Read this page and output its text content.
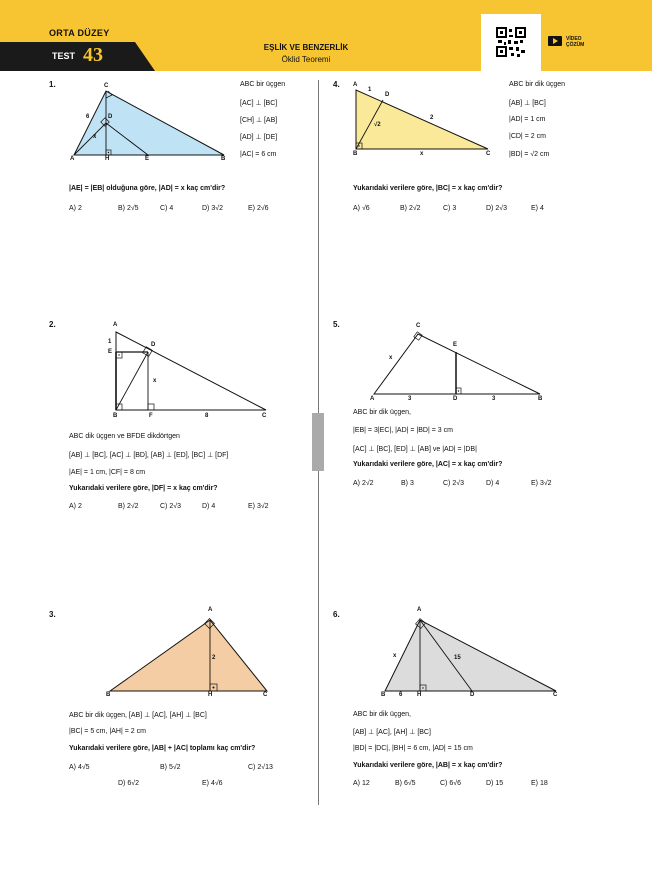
ORTA DÜZEY
TEST 43	EŞLİK VE BENZERLİK
Öklid Teoremi
VİDEO
ÇÖZÜM
1.	C
6	D
x
A	H	E	B
ABC bir üçgen
[AC] ⊥ [BC]
[CH] ⊥ [AB]
[AD] ⊥ [DE]
|AC| = 6 cm
|AE| = |EB| olduğuna göre, |AD| = x kaç cm'dir?
A) 2	B) 2√5	C) 4	D) 3√2	E) 2√6
4. A
1
D
2
√2
B	x	C
ABC bir dik üçgen
[AB] ⊥ [BC]
|AD| = 1 cm
|CD| = 2 cm
|BD| = √2 cm
Yukarıdaki verilere göre, |BC| = x kaç cm'dir?
A) √6	B) 2√2	C) 3	D) 2√3	E) 4
2.	A
1
E
D
x
B	F	8	C
ABC dik üçgen ve BFDE dikdörtgen
[AB] ⊥ [BC], [AC] ⊥ [BD], [AB] ⊥ [ED], [BC] ⊥ [DF]
|AE| = 1 cm, |CF| = 8 cm
Yukarıdaki verilere göre, |DF| = x kaç cm'dir?
A) 2	B) 2√2	C) 2√3	D) 4	E) 3√2
5.	C
E
x
A	3	D	3	B
ABC bir dik üçgen,
|EB| = 3|EC|, |AD| = |BD| = 3 cm
[AC] ⊥ [BC], [ED] ⊥ [AB] ve |AD| = |DB|
Yukarıdaki verilere göre, |AC| = x kaç cm'dir?
A) 2√2	B) 3	C) 2√3	D) 4	E) 3√2
3.	A
2
B	H	C
ABC bir dik üçgen, [AB] ⊥ [AC], [AH] ⊥ [BC]
|BC| = 5 cm, |AH| = 2 cm
Yukarıdaki verilere göre, |AB| + |AC| toplamı kaç cm'dir?
A) 4√5	B) 5√2	C) 2√13
D) 6√2	E) 4√6
6.	A
x	15
B 6 H	D	C
ABC bir dik üçgen,
[AB] ⊥ [AC], [AH] ⊥ [BC]
|BD| = |DC|, |BH| = 6 cm, |AD| = 15 cm
Yukarıdaki verilere göre, |AB| = x kaç cm'dir?
A) 12	B) 6√5	C) 6√6	D) 15	E) 18
